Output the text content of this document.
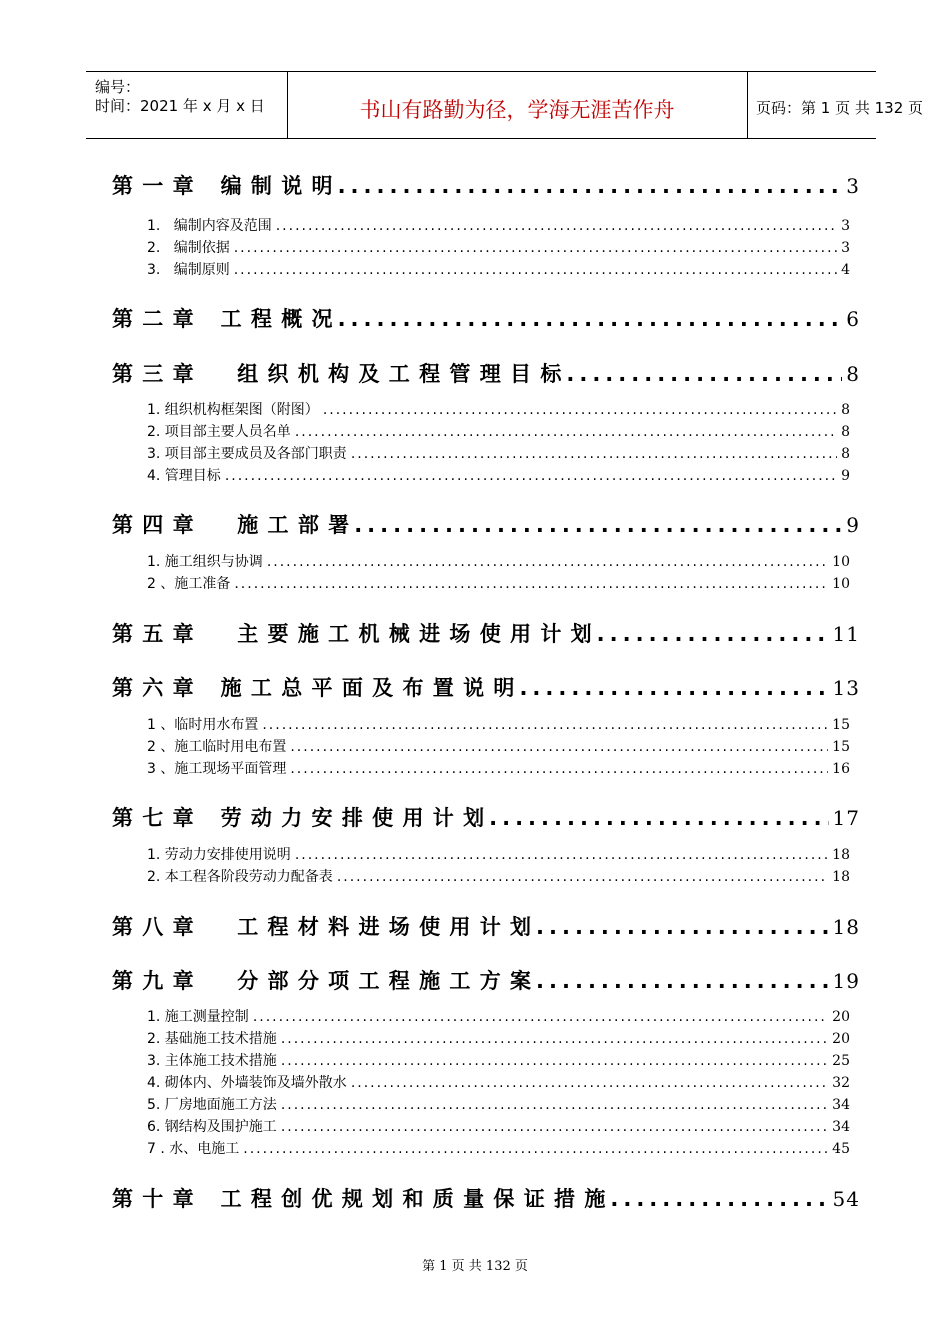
编号：
时间：2021 年 x 月 x 日	书山有路勤为径，学海无涯苦作舟	页码：第 1 页 共 132 页
第 一 章 编 制 说 明 .....	3
1.   编制内容及范围 .....	3
2.   编制依据 .....	3
3.   编制原则 .....	4
第 二 章 工 程 概 况 .....	6
第 三 章  组 织 机 构 及 工 程 管 理 目 标 .....	8
1. 组织机构框架图（附图） .....	8
2. 项目部主要人员名单 .....	8
3. 项目部主要成员及各部门职责 .....	8
4. 管理目标 .....	9
第 四 章  施 工 部 署 .....	9
1. 施工组织与协调 .....	10
2 、施工准备 .....	10
第 五 章  主 要 施 工 机 械 进 场 使 用 计 划 .....	11
第 六 章 施 工 总 平 面 及 布 置 说 明 .....	13
1 、临时用水布置 .....	15
2 、施工临时用电布置 .....	15
3 、施工现场平面管理 .....	16
第 七 章 劳 动 力 安 排 使 用 计 划 .....	17
1. 劳动力安排使用说明 .....	18
2. 本工程各阶段劳动力配备表 .....	18
第 八 章  工 程 材 料 进 场 使 用 计 划 .....	18
第 九 章  分 部 分 项 工 程 施 工 方 案 .....	19
1. 施工测量控制 .....	20
2. 基础施工技术措施 .....	20
3. 主体施工技术措施 .....	25
4. 砌体内、外墙装饰及墙外散水 .....	32
5. 厂房地面施工方法 .....	34
6. 钢结构及围护施工 .....	34
7 . 水、电施工 .....	45
第 十 章 工 程 创 优 规 划 和 质 量 保 证 措 施 .....	54
第 1 页 共 132 页
